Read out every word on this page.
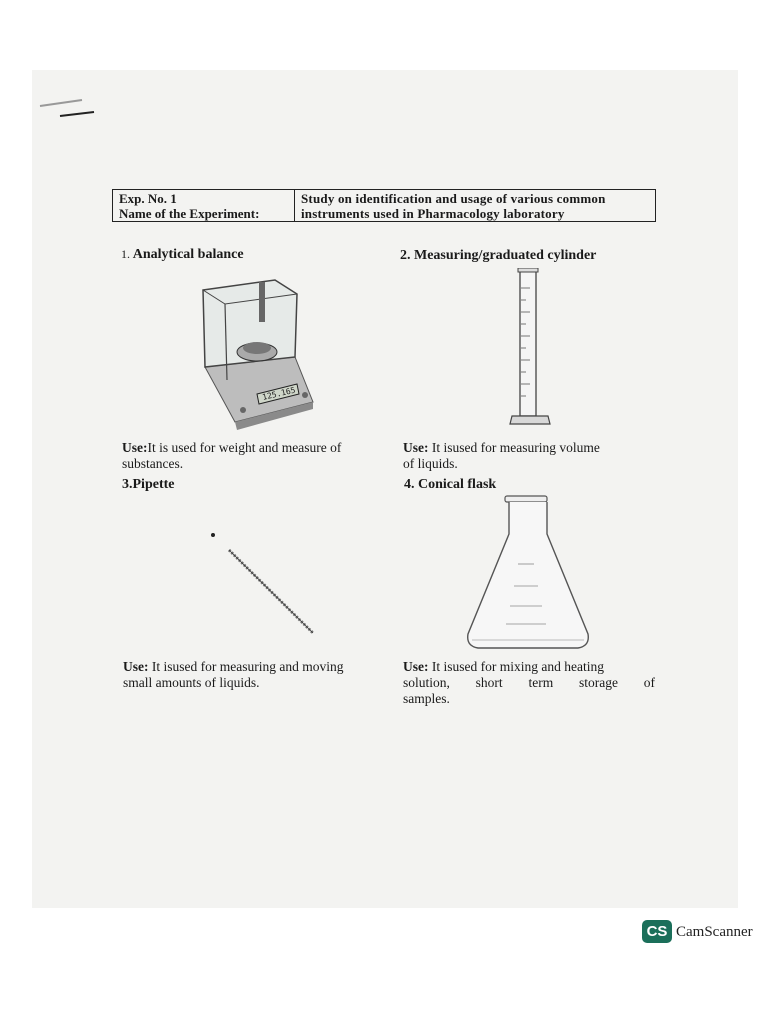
Exp. No. 1
Name of the Experiment:
Study on identification and usage of various common
instruments used in Pharmacology laboratory
1. Analytical balance
125.165
Use:It is used for weight and measure of
substances.
2. Measuring/graduated cylinder
Use: It isused for measuring volume
of liquids.
3.Pipette
Use: It isused for measuring and moving
small amounts of liquids.
4. Conical flask
Use: It isused for mixing and heating
solution, short term storage of
samples.
CS CamScanner
